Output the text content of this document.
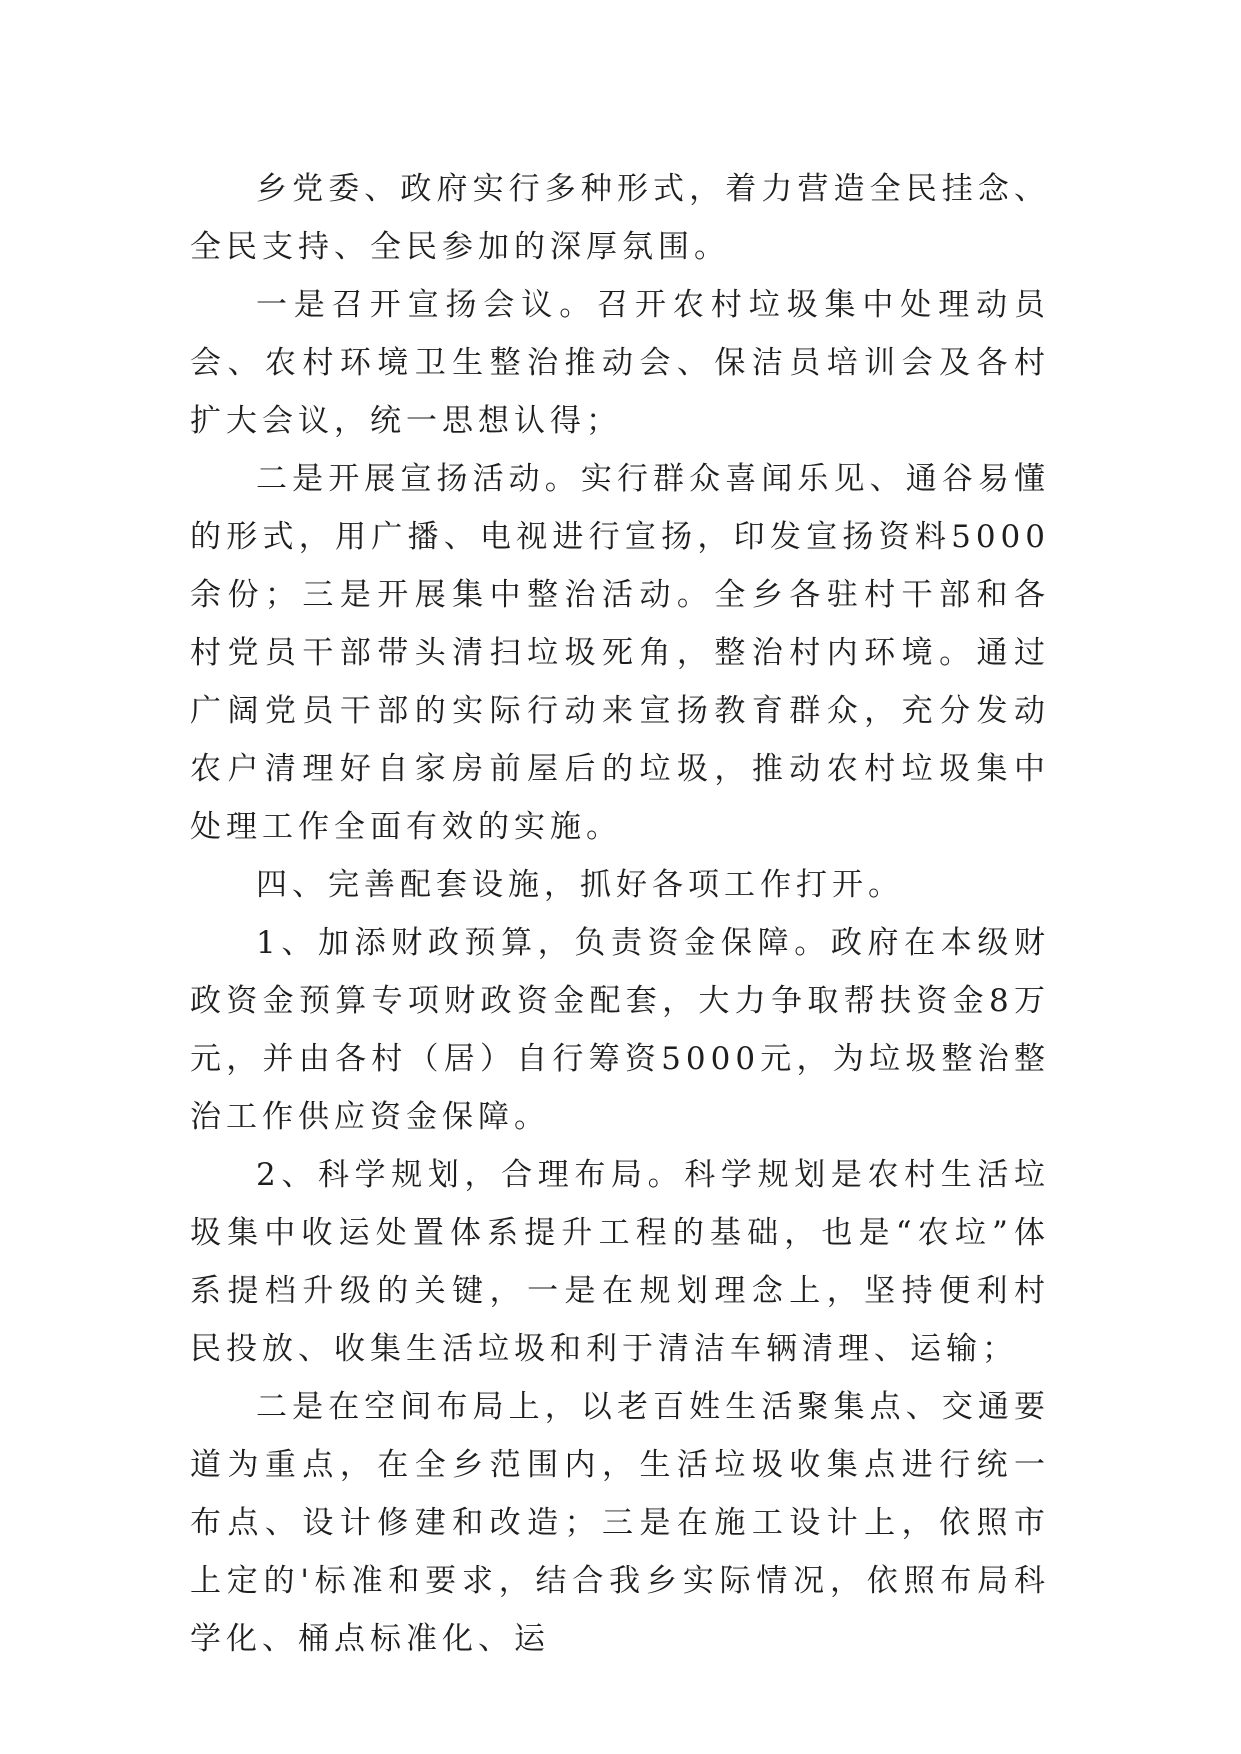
乡党委、政府实行多种形式，着力营造全民挂念、全民支持、全民参加的深厚氛围。

一是召开宣扬会议。召开农村垃圾集中处理动员会、农村环境卫生整治推动会、保洁员培训会及各村扩大会议，统一思想认得；

二是开展宣扬活动。实行群众喜闻乐见、通谷易懂的形式，用广播、电视进行宣扬，印发宣扬资料5000余份；三是开展集中整治活动。全乡各驻村干部和各村党员干部带头清扫垃圾死角，整治村内环境。通过广阔党员干部的实际行动来宣扬教育群众，充分发动农户清理好自家房前屋后的垃圾，推动农村垃圾集中处理工作全面有效的实施。

四、完善配套设施，抓好各项工作打开。

1、加添财政预算，负责资金保障。政府在本级财政资金预算专项财政资金配套，大力争取帮扶资金8万元，并由各村（居）自行筹资5000元，为垃圾整治整治工作供应资金保障。

2、科学规划，合理布局。科学规划是农村生活垃圾集中收运处置体系提升工程的基础，也是“农垃”体系提档升级的关键，一是在规划理念上，坚持便利村民投放、收集生活垃圾和利于清洁车辆清理、运输；

二是在空间布局上，以老百姓生活聚集点、交通要道为重点，在全乡范围内，生活垃圾收集点进行统一布点、设计修建和改造；三是在施工设计上，依照市上定的'标准和要求，结合我乡实际情况，依照布局科学化、桶点标准化、运
